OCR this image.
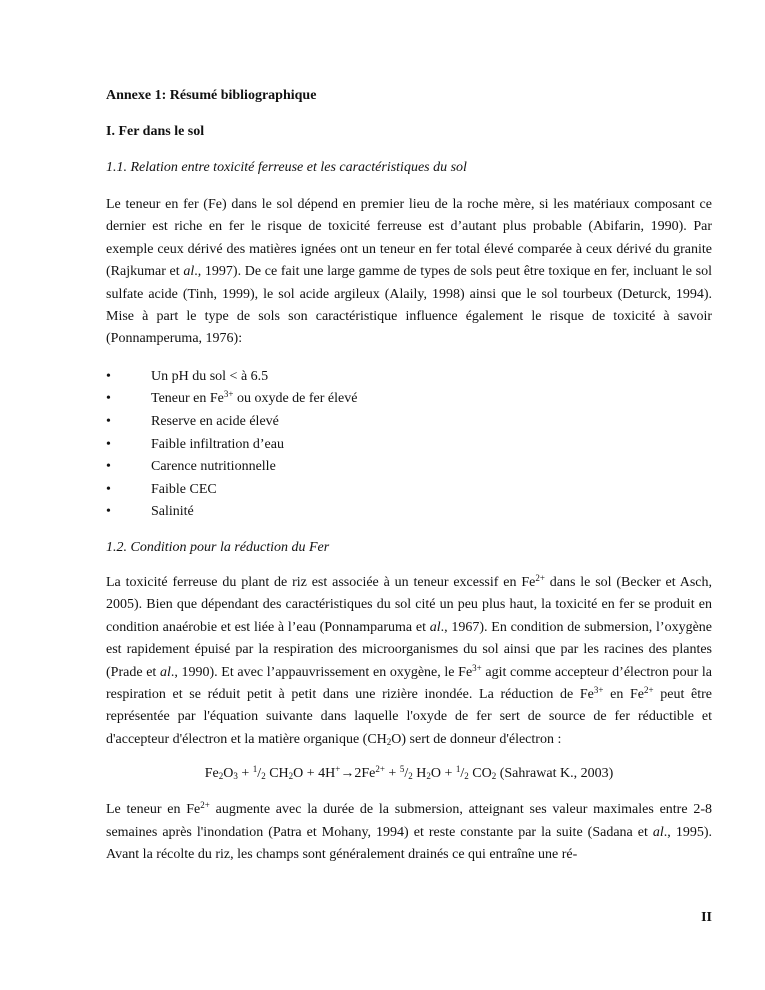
Annexe 1: Résumé bibliographique
I. Fer dans le sol
1.1. Relation entre toxicité ferreuse et les caractéristiques du sol

Le teneur en fer (Fe) dans le sol dépend en premier lieu de la roche mère, si les matériaux composant ce dernier est riche en fer le risque de toxicité ferreuse est d’autant plus probable (Abifarin, 1990). Par exemple ceux dérivé des matières ignées ont un teneur en fer total élevé comparée à ceux dérivé du granite (Rajkumar et al., 1997). De ce fait une large gamme de types de sols peut être toxique en fer, incluant le sol sulfate acide (Tinh, 1999), le sol acide argileux (Alaily, 1998) ainsi que le sol tourbeux (Deturck, 1994). Mise à part le type de sols son caractéristique influence également le risque de toxicité à savoir (Ponnamperuma, 1976):

•	Un pH du sol < à 6.5
•	Teneur en $Fe^{3+}$ ou oxyde de fer élevé
•	Reserve en acide élevé
•	Faible infiltration d’eau
•	Carence nutritionnelle
•	Faible CEC
•	Salinité
1.2. Condition pour la réduction du Fer

La toxicité ferreuse du plant de riz est associée à un teneur excessif en $Fe^{2+}$ dans le sol (Becker et Asch, 2005). Bien que dépendant des caractéristiques du sol cité un peu plus haut, la toxicité en fer se produit en condition anaérobie et est liée à l’eau (Ponnamparuma et al., 1967). En condition de submersion, l’oxygène est rapidement épuisé par la respiration des microorganismes du sol ainsi que par les racines des plantes (Prade et al., 1990). Et avec l’appauvrissement en oxygène, le $Fe^{3+}$ agit comme accepteur d’électron pour la respiration et se réduit petit à petit dans une rizière inondée. La réduction de $Fe^{3+}$ en $Fe^{2+}$ peut être représentée par l'équation suivante dans laquelle l'oxyde de fer sert de source de fer réductible et d'accepteur d'électron et la matière organique $(CH_2O)$ sert de donneur d'électron :

$Fe_2O_3 + ^1/_2$ $CH_2O + 4H^+\to 2Fe^{2+} + ^5/_2$ $H_2O + ^1/_2$ $CO_2$ (Sahrawat K., 2003)

Le teneur en $Fe^{2+}$ augmente avec la durée de la submersion, atteignant ses valeur maximales entre 2-8 semaines après l'inondation (Patra et Mohany, 1994) et reste constante par la suite (Sadana et al., 1995). Avant la récolte du riz, les champs sont généralement drainés ce qui entraîne une ré-

II
